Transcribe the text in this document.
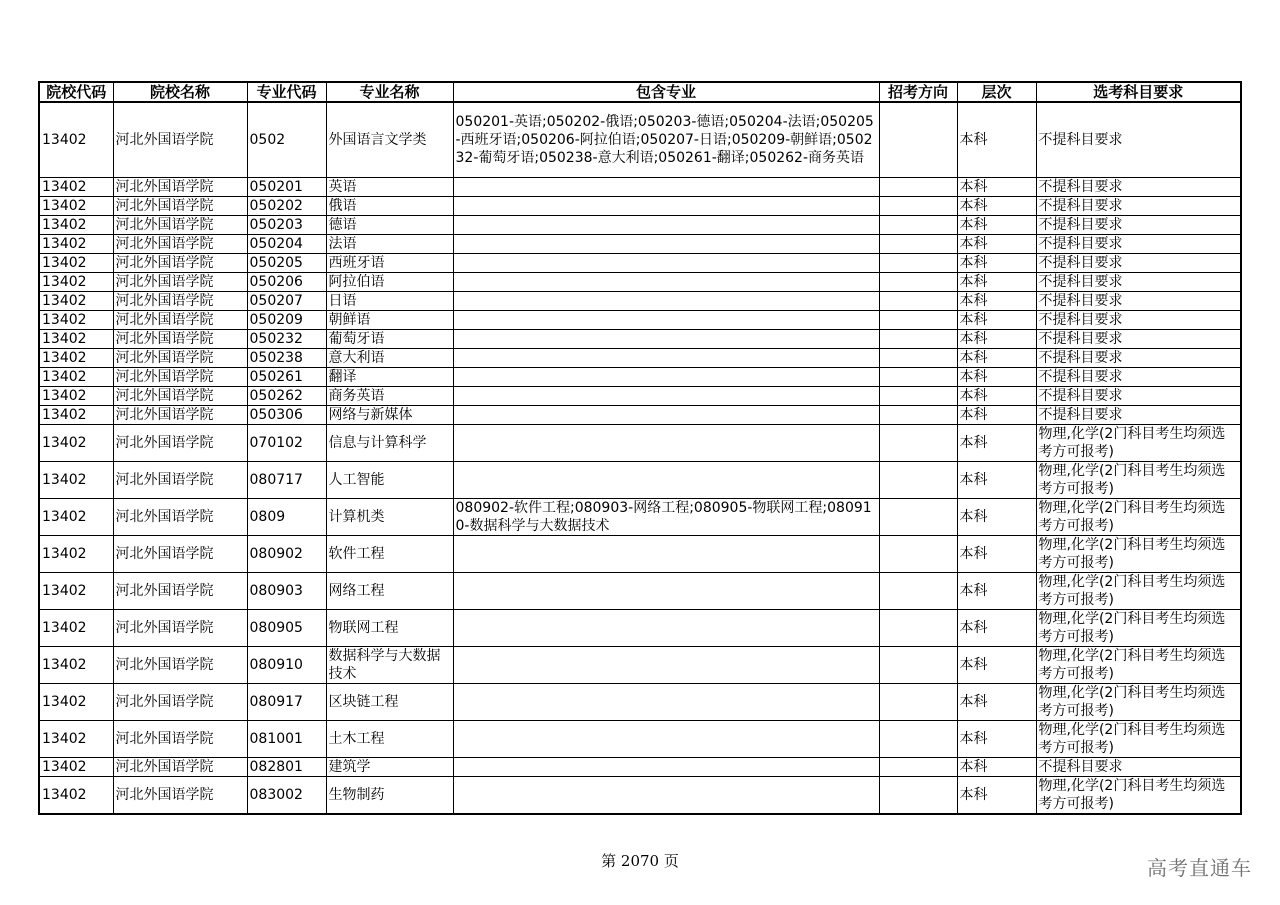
院校代码	院校名称	专业代码	专业名称	包含专业	招考方向	层次	选考科目要求
13402	河北外国语学院	0502	外国语言文学类	050201-英语;050202-俄语;050203-德语;050204-法语;050205-西班牙语;050206-阿拉伯语;050207-日语;050209-朝鲜语;050232-葡萄牙语;050238-意大利语;050261-翻译;050262-商务英语		本科	不提科目要求
13402	河北外国语学院	050201	英语			本科	不提科目要求
13402	河北外国语学院	050202	俄语			本科	不提科目要求
13402	河北外国语学院	050203	德语			本科	不提科目要求
13402	河北外国语学院	050204	法语			本科	不提科目要求
13402	河北外国语学院	050205	西班牙语			本科	不提科目要求
13402	河北外国语学院	050206	阿拉伯语			本科	不提科目要求
13402	河北外国语学院	050207	日语			本科	不提科目要求
13402	河北外国语学院	050209	朝鲜语			本科	不提科目要求
13402	河北外国语学院	050232	葡萄牙语			本科	不提科目要求
13402	河北外国语学院	050238	意大利语			本科	不提科目要求
13402	河北外国语学院	050261	翻译			本科	不提科目要求
13402	河北外国语学院	050262	商务英语			本科	不提科目要求
13402	河北外国语学院	050306	网络与新媒体			本科	不提科目要求
13402	河北外国语学院	070102	信息与计算科学			本科	物理,化学(2门科目考生均须选考方可报考)
13402	河北外国语学院	080717	人工智能			本科	物理,化学(2门科目考生均须选考方可报考)
13402	河北外国语学院	0809	计算机类	080902-软件工程;080903-网络工程;080905-物联网工程;080910-数据科学与大数据技术		本科	物理,化学(2门科目考生均须选考方可报考)
13402	河北外国语学院	080902	软件工程			本科	物理,化学(2门科目考生均须选考方可报考)
13402	河北外国语学院	080903	网络工程			本科	物理,化学(2门科目考生均须选考方可报考)
13402	河北外国语学院	080905	物联网工程			本科	物理,化学(2门科目考生均须选考方可报考)
13402	河北外国语学院	080910	数据科学与大数据技术			本科	物理,化学(2门科目考生均须选考方可报考)
13402	河北外国语学院	080917	区块链工程			本科	物理,化学(2门科目考生均须选考方可报考)
13402	河北外国语学院	081001	土木工程			本科	物理,化学(2门科目考生均须选考方可报考)
13402	河北外国语学院	082801	建筑学			本科	不提科目要求
13402	河北外国语学院	083002	生物制药			本科	物理,化学(2门科目考生均须选考方可报考)
第 2070 页	高考直通车
